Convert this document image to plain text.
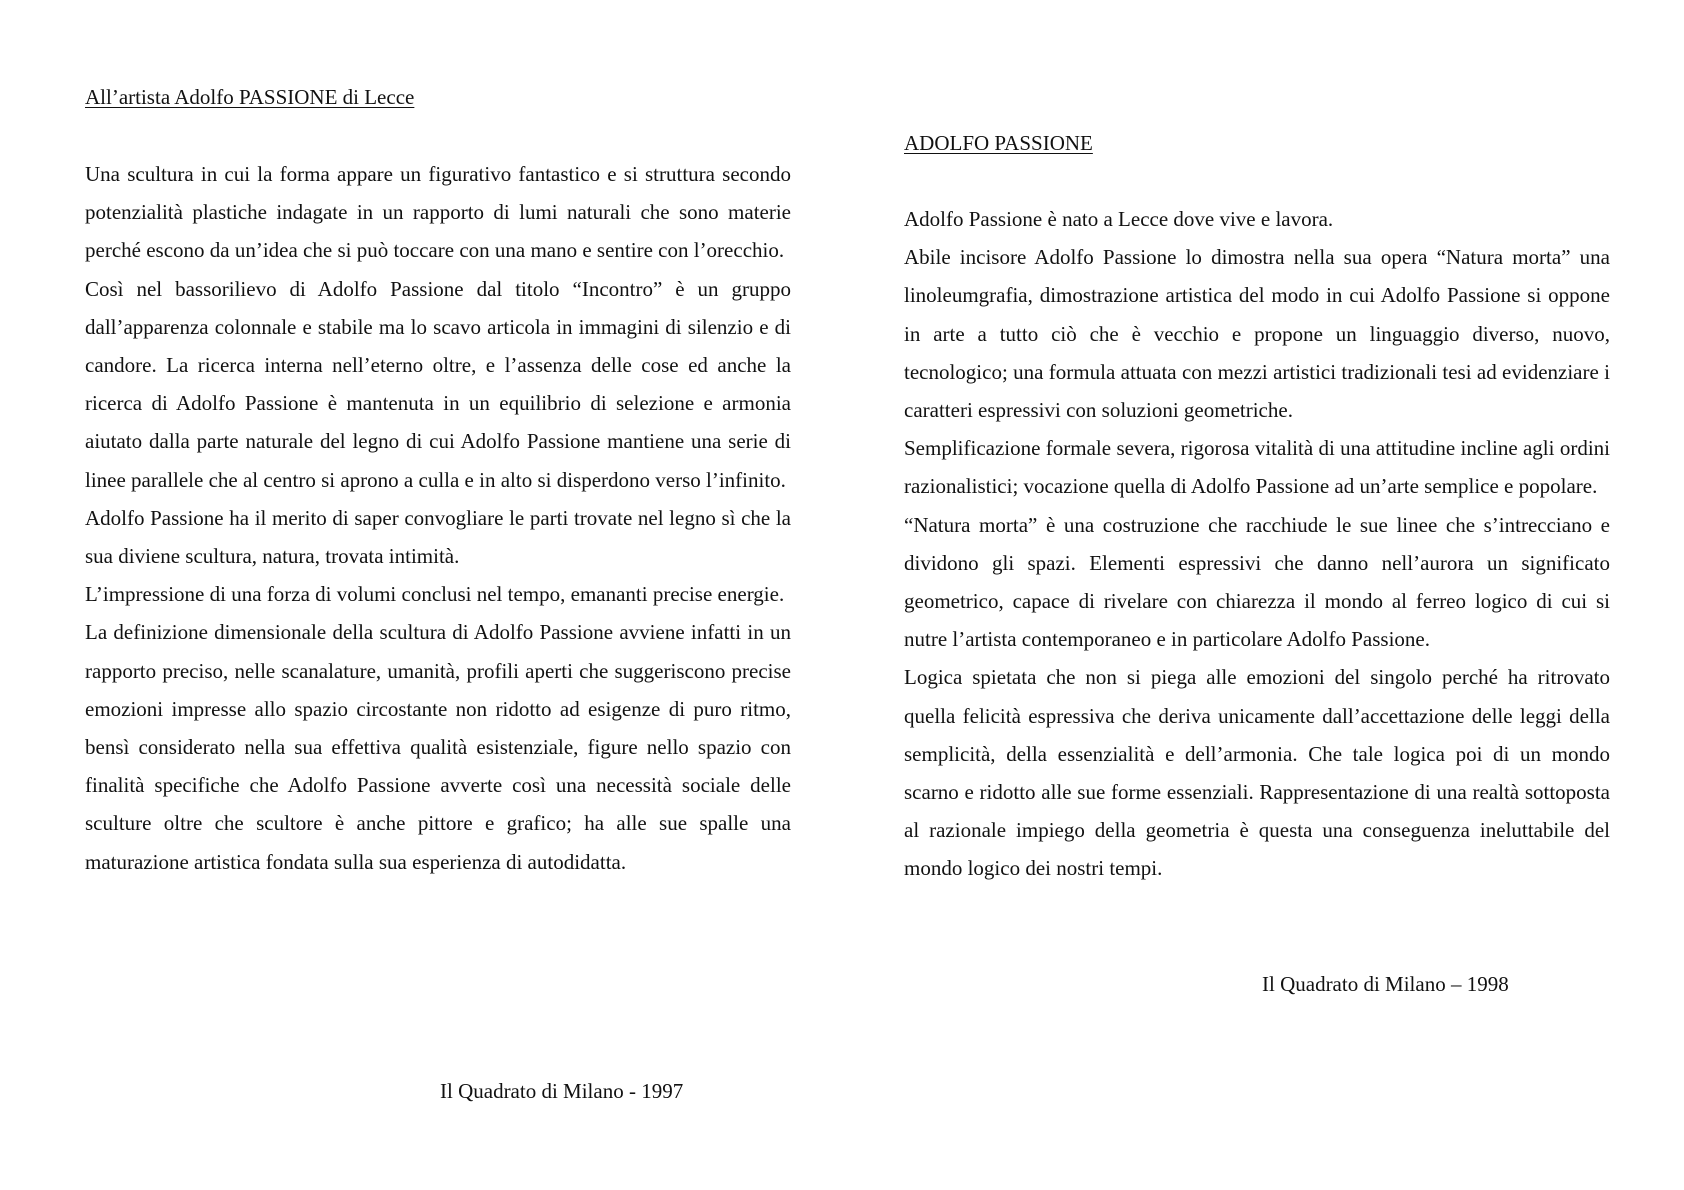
All’artista Adolfo PASSIONE di Lecce

Una scultura in cui la forma appare un figurativo fantastico e si struttura secondo potenzialità plastiche indagate in un rapporto di lumi naturali che sono materie perché escono da un’idea che si può toccare con una mano e sentire con l’orecchio.

Così nel bassorilievo di Adolfo Passione dal titolo “Incontro” è un gruppo dall’apparenza colonnale e stabile ma lo scavo articola in immagini di silenzio e di candore. La ricerca interna nell’eterno oltre, e l’assenza delle cose ed anche la ricerca di Adolfo Passione è mantenuta in un equilibrio di selezione e armonia aiutato dalla parte naturale del legno di cui Adolfo Passione mantiene una serie di linee parallele che al centro si aprono a culla e in alto si disperdono verso l’infinito.

Adolfo Passione ha il merito di saper convogliare le parti trovate nel legno sì che la sua diviene scultura, natura, trovata intimità.

L’impressione di una forza di volumi conclusi nel tempo, emananti precise energie.

La definizione dimensionale della scultura di Adolfo Passione avviene infatti in un rapporto preciso, nelle scanalature, umanità, profili aperti che suggeriscono precise emozioni impresse allo spazio circostante non ridotto ad esigenze di puro ritmo, bensì considerato nella sua effettiva qualità esistenziale, figure nello spazio con finalità specifiche che Adolfo Passione avverte così una necessità sociale delle sculture oltre che scultore è anche pittore e grafico; ha alle sue spalle una maturazione artistica fondata sulla sua esperienza di autodidatta.

Il Quadrato di Milano - 1997
ADOLFO PASSIONE

Adolfo Passione è nato a Lecce dove vive e lavora.

Abile incisore Adolfo Passione lo dimostra nella sua opera “Natura morta” una linoleumgrafia, dimostrazione artistica del modo in cui Adolfo Passione si oppone in arte a tutto ciò che è vecchio e propone un linguaggio diverso, nuovo, tecnologico; una formula attuata con mezzi artistici tradizionali tesi ad evidenziare i caratteri espressivi con soluzioni geometriche.

Semplificazione formale severa, rigorosa vitalità di una attitudine incline agli ordini razionalistici; vocazione quella di Adolfo Passione ad un’arte semplice e popolare.

“Natura morta” è una costruzione che racchiude le sue linee che s’intrecciano e dividono gli spazi. Elementi espressivi che danno nell’aurora un significato geometrico, capace di rivelare con chiarezza il mondo al ferreo logico di cui si nutre l’artista contemporaneo e in particolare Adolfo Passione.

Logica spietata che non si piega alle emozioni del singolo perché ha ritrovato quella felicità espressiva che deriva unicamente dall’accettazione delle leggi della semplicità, della essenzialità e dell’armonia. Che tale logica poi di un mondo scarno e ridotto alle sue forme essenziali. Rappresentazione di una realtà sottoposta al razionale impiego della geometria è questa una conseguenza ineluttabile del mondo logico dei nostri tempi.

Il Quadrato di Milano – 1998
